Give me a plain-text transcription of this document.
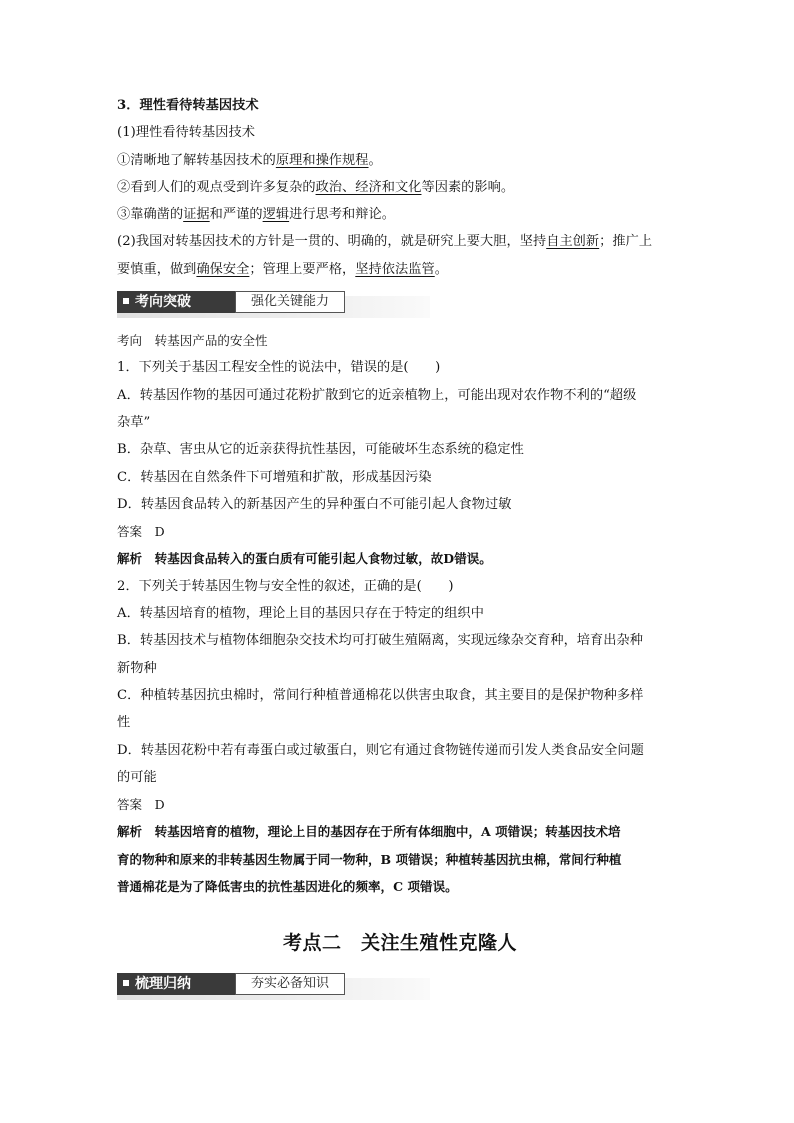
3．理性看待转基因技术
(1)理性看待转基因技术
①清晰地了解转基因技术的原理和操作规程。
②看到人们的观点受到许多复杂的政治、经济和文化等因素的影响。
③靠确凿的证据和严谨的逻辑进行思考和辩论。
(2)我国对转基因技术的方针是一贯的、明确的，就是研究上要大胆，坚持自主创新；推广上
要慎重，做到确保安全；管理上要严格，坚持依法监管。
考向突破	强化关键能力
考向　转基因产品的安全性
1．下列关于基因工程安全性的说法中，错误的是(　　)
A．转基因作物的基因可通过花粉扩散到它的近亲植物上，可能出现对农作物不利的“超级
杂草”
B．杂草、害虫从它的近亲获得抗性基因，可能破坏生态系统的稳定性
C．转基因在自然条件下可增殖和扩散，形成基因污染
D．转基因食品转入的新基因产生的异种蛋白不可能引起人食物过敏
答案　D
解析　转基因食品转入的蛋白质有可能引起人食物过敏，故D错误。
2．下列关于转基因生物与安全性的叙述，正确的是(　　)
A．转基因培育的植物，理论上目的基因只存在于特定的组织中
B．转基因技术与植物体细胞杂交技术均可打破生殖隔离，实现远缘杂交育种，培育出杂种
新物种
C．种植转基因抗虫棉时，常间行种植普通棉花以供害虫取食，其主要目的是保护物种多样
性
D．转基因花粉中若有毒蛋白或过敏蛋白，则它有通过食物链传递而引发人类食品安全问题
的可能
答案　D
解析　转基因培育的植物，理论上目的基因存在于所有体细胞中，A 项错误；转基因技术培
育的物种和原来的非转基因生物属于同一物种，B 项错误；种植转基因抗虫棉，常间行种植
普通棉花是为了降低害虫的抗性基因进化的频率，C 项错误。
考点二　关注生殖性克隆人
梳理归纳	夯实必备知识
